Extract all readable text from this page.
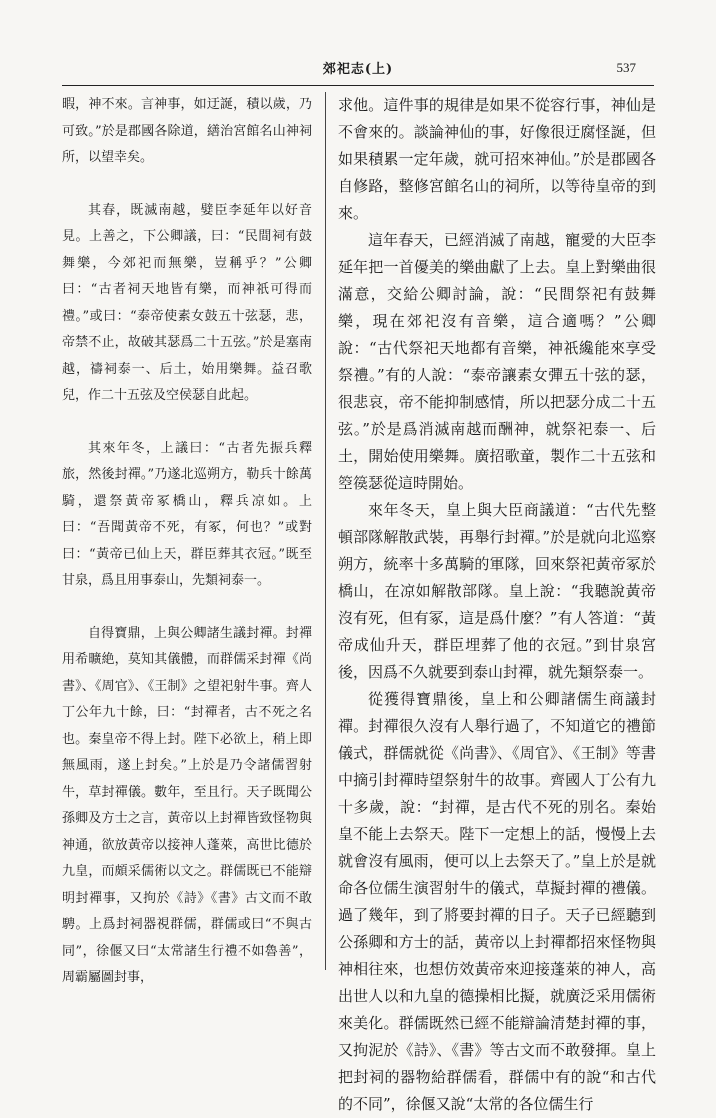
郊祀志(上)	537

暇，神不來。言神事，如迂誕，積以歲，乃可致。”於是郡國各除道，繕治宮館名山神祠所，以望幸矣。

其春，既滅南越，嬖臣李延年以好音見。上善之，下公卿議，曰：“民間祠有鼓舞樂，今郊祀而無樂，豈稱乎？”公卿曰：“古者祠天地皆有樂，而神祇可得而禮。”或曰：“泰帝使素女鼓五十弦瑟，悲，帝禁不止，故破其瑟爲二十五弦。”於是塞南越，禱祠泰一、后土，始用樂舞。益召歌兒，作二十五弦及空侯瑟自此起。

其來年冬，上議曰：“古者先振兵釋旅，然後封禪。”乃遂北巡朔方，勒兵十餘萬騎，還祭黃帝冢橋山，釋兵凉如。上曰：“吾聞黃帝不死，有冢，何也？”或對曰：“黃帝已仙上天，群臣葬其衣冠。”既至甘泉，爲且用事泰山，先類祠泰一。

自得寶鼎，上與公卿諸生議封禪。封禪用希曠絶，莫知其儀體，而群儒采封禪《尚書》、《周官》、《王制》之望祀射牛事。齊人丁公年九十餘，曰：“封禪者，古不死之名也。秦皇帝不得上封。陛下必欲上，稍上即無風雨，遂上封矣。”上於是乃令諸儒習射牛，草封禪儀。數年，至且行。天子既聞公孫卿及方士之言，黃帝以上封禪皆致怪物與神通，欲放黃帝以接神人蓬萊，高世比德於九皇，而頗采儒術以文之。群儒既已不能辯明封禪事，又拘於《詩》《書》古文而不敢騁。上爲封祠器視群儒，群儒或曰“不與古同”，徐偃又曰“太常諸生行禮不如魯善”，周霸屬圖封事，

求他。這件事的規律是如果不從容行事，神仙是不會來的。談論神仙的事，好像很迂腐怪誕，但如果積累一定年歲，就可招來神仙。”於是郡國各自修路，整修宮館名山的祠所，以等待皇帝的到來。

這年春天，已經消滅了南越，寵愛的大臣李延年把一首優美的樂曲獻了上去。皇上對樂曲很滿意，交給公卿討論，說：“民間祭祀有鼓舞樂，現在郊祀沒有音樂，這合適嗎？”公卿說：“古代祭祀天地都有音樂，神祇纔能來享受祭禮。”有的人說：“泰帝讓素女彈五十弦的瑟，很悲哀，帝不能抑制感情，所以把瑟分成二十五弦。”於是爲消滅南越而酬神，就祭祀泰一、后土，開始使用樂舞。廣招歌童，製作二十五弦和箜篌瑟從這時開始。

來年冬天，皇上與大臣商議道：“古代先整頓部隊解散武裝，再舉行封禪。”於是就向北巡察朔方，統率十多萬騎的軍隊，回來祭祀黃帝冢於橋山，在凉如解散部隊。皇上說：“我聽說黃帝沒有死，但有冢，這是爲什麼？”有人答道：“黃帝成仙升天，群臣埋葬了他的衣冠。”到甘泉宮後，因爲不久就要到泰山封禪，就先類祭泰一。

從獲得寶鼎後，皇上和公卿諸儒生商議封禪。封禪很久沒有人舉行過了，不知道它的禮節儀式，群儒就從《尚書》、《周官》、《王制》等書中摘引封禪時望祭射牛的故事。齊國人丁公有九十多歲，說：“封禪，是古代不死的別名。秦始皇不能上去祭天。陛下一定想上的話，慢慢上去就會沒有風雨，便可以上去祭天了。”皇上於是就命各位儒生演習射牛的儀式，草擬封禪的禮儀。過了幾年，到了將要封禪的日子。天子已經聽到公孫卿和方士的話，黃帝以上封禪都招來怪物與神相往來，也想仿效黃帝來迎接蓬萊的神人，高出世人以和九皇的德操相比擬，就廣泛采用儒術來美化。群儒既然已經不能辯論清楚封禪的事，又拘泥於《詩》、《書》等古文而不敢發揮。皇上把封祠的器物給群儒看，群儒中有的說“和古代的不同”，徐偃又說“太常的各位儒生行
